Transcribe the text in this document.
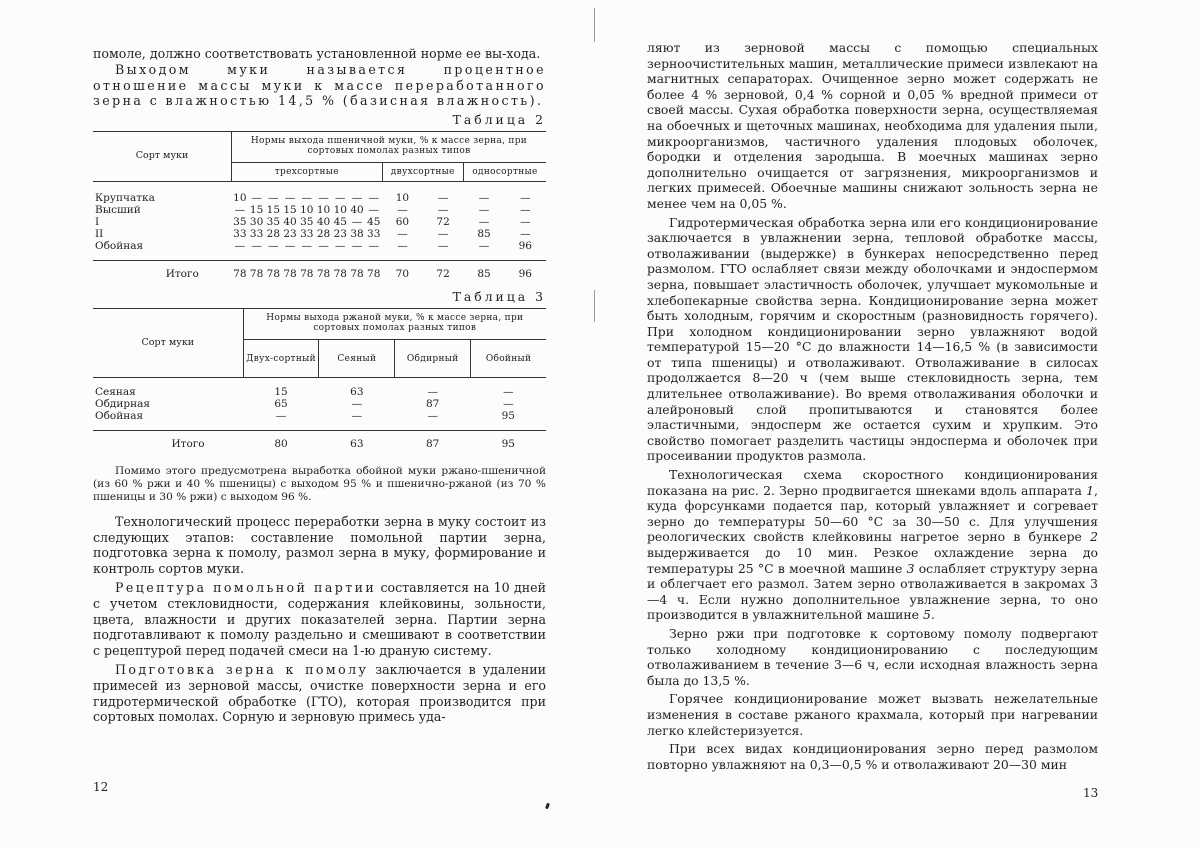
помоле, должно соответствовать установленной норме ее вы-хода.

Выходом муки называется процентное отношение массы муки к массе переработанного зерна с влажностью 14,5 % (базисная влажность).

Таблица 2
Сорт муки	Нормы выхода пшеничной муки, % к массе зерна, при сортовых помолах разных типов												
	трехсортные									двухсортные		односортные	

Крупчатка	10	—	—	—	—	—	—	—	—	10	—	—	—
Высший	—	15	15	15	10	10	10	40	—	—	—	—	—
I	35	30	35	40	35	40	45	—	45	60	72	—	—
II	33	33	28	23	33	28	23	38	33	—	—	85	—
Обойная	—	—	—	—	—	—	—	—	—	—	—	—	96

Итого	78	78	78	78	78	78	78	78	78	70	72	85	96
Таблица 3
Сорт муки	Нормы выхода ржаной муки, % к массе зерна, при сортовых помолах разных типов			
	Двух-сортный	Сеяный	Обдирный	Обойный

Сеяная	15	63	—	—
Обдирная	65	—	87	—
Обойная	—	—	—	95

Итого	80	63	87	95

Помимо этого предусмотрена выработка обойной муки ржано-пшеничной (из 60 % ржи и 40 % пшеницы) с выходом 95 % и пшенично-ржаной (из 70 % пшеницы и 30 % ржи) с выходом 96 %.

Технологический процесс переработки зерна в муку состоит из следующих этапов: составление помольной партии зерна, подготовка зерна к помолу, размол зерна в муку, формирование и контроль сортов муки.

Рецептура помольной партии составляется на 10 дней с учетом стекловидности, содержания клейковины, зольности, цвета, влажности и других показателей зерна. Партии зерна подготавливают к помолу раздельно и смешивают в соответствии с рецептурой перед подачей смеси на 1-ю драную систему.

Подготовка зерна к помолу заключается в удалении примесей из зерновой массы, очистке поверхности зерна и его гидротермической обработке (ГТО), которая производится при сортовых помолах. Сорную и зерновую примесь уда-

12

ляют из зерновой массы с помощью специальных зерноочистительных машин, металлические примеси извлекают на магнитных сепараторах. Очищенное зерно может содержать не более 4 % зерновой, 0,4 % сорной и 0,05 % вредной примеси от своей массы. Сухая обработка поверхности зерна, осуществляемая на обоечных и щеточных машинах, необходима для удаления пыли, микроорганизмов, частичного удаления плодовых оболочек, бородки и отделения зародыша. В моечных машинах зерно дополнительно очищается от загрязнения, микроорганизмов и легких примесей. Обоечные машины снижают зольность зерна не менее чем на 0,05 %.

Гидротермическая обработка зерна или его кондиционирование заключается в увлажнении зерна, тепловой обработке массы, отволаживании (выдержке) в бункерах непосредственно перед размолом. ГТО ослабляет связи между оболочками и эндоспермом зерна, повышает эластичность оболочек, улучшает мукомольные и хлебопекарные свойства зерна. Кондиционирование зерна может быть холодным, горячим и скоростным (разновидность горячего). При холодном кондиционировании зерно увлажняют водой температурой 15—20 °С до влажности 14—16,5 % (в зависимости от типа пшеницы) и отволаживают. Отволаживание в силосах продолжается 8—20 ч (чем выше стекловидность зерна, тем длительнее отволаживание). Во время отволаживания оболочки и алейроновый слой пропитываются и становятся более эластичными, эндосперм же остается сухим и хрупким. Это свойство помогает разделить частицы эндосперма и оболочек при просеивании продуктов размола.

Технологическая схема скоростного кондиционирования показана на рис. 2. Зерно продвигается шнеками вдоль аппарата 1, куда форсунками подается пар, который увлажняет и согревает зерно до температуры 50—60 °С за 30—50 с. Для улучшения реологических свойств клейковины нагретое зерно в бункере 2 выдерживается до 10 мин. Резкое охлаждение зерна до температуры 25 °С в моечной машине 3 ослабляет структуру зерна и облегчает его размол. Затем зерно отволаживается в закромах 3—4 ч. Если нужно дополнительное увлажнение зерна, то оно производится в увлажнительной машине 5.

Зерно ржи при подготовке к сортовому помолу подвергают только холодному кондиционированию с последующим отволаживанием в течение 3—6 ч, если исходная влажность зерна была до 13,5 %.

Горячее кондиционирование может вызвать нежелательные изменения в составе ржаного крахмала, который при нагревании легко клейстеризуется.

При всех видах кондиционирования зерно перед размолом повторно увлажняют на 0,3—0,5 % и отволаживают 20—30 мин

13
